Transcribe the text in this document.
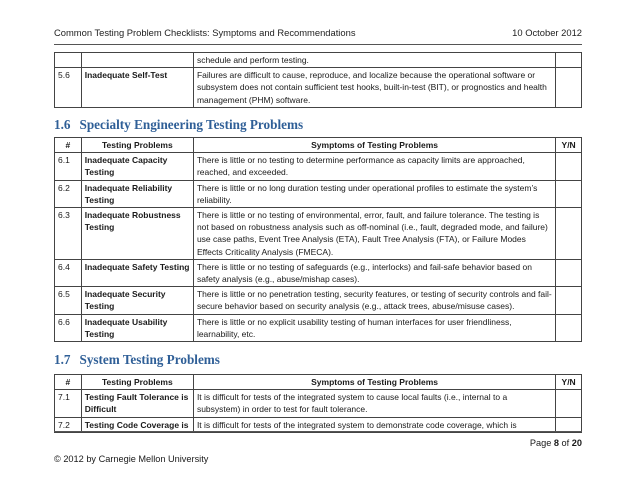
Common Testing Problem Checklists: Symptoms and Recommendations	10 October 2012
		schedule and perform testing.	
5.6	Inadequate Self-Test	Failures are difficult to cause, reproduce, and localize because the operational software or subsystem does not contain sufficient test hooks, built-in-test (BIT), or prognostics and health management (PHM) software.	
1.6 Specialty Engineering Testing Problems
#	Testing Problems	Symptoms of Testing Problems	Y/N
6.1	Inadequate Capacity Testing	There is little or no testing to determine performance as capacity limits are approached, reached, and exceeded.	
6.2	Inadequate Reliability Testing	There is little or no long duration testing under operational profiles to estimate the system’s reliability.	
6.3	Inadequate Robustness Testing	There is little or no testing of environmental, error, fault, and failure tolerance. The testing is not based on robustness analysis such as off-nominal (i.e., fault, degraded mode, and failure) use case paths, Event Tree Analysis (ETA), Fault Tree Analysis (FTA), or Failure Modes Effects Criticality Analysis (FMECA).	
6.4	Inadequate Safety Testing	There is little or no testing of safeguards (e.g., interlocks) and fail-safe behavior based on safety analysis (e.g., abuse/mishap cases).	
6.5	Inadequate Security Testing	There is little or no penetration testing, security features, or testing of security controls and fail-secure behavior based on security analysis (e.g., attack trees, abuse/misuse cases).	
6.6	Inadequate Usability Testing	There is little or no explicit usability testing of human interfaces for user friendliness, learnability, etc.	
1.7 System Testing Problems
#	Testing Problems	Symptoms of Testing Problems	Y/N
7.1	Testing Fault Tolerance is Difficult	It is difficult for tests of the integrated system to cause local faults (i.e., internal to a subsystem) in order to test for fault tolerance.	
7.2	Testing Code Coverage is	It is difficult for tests of the integrated system to demonstrate code coverage, which is	
Page 8 of 20
© 2012 by Carnegie Mellon University
